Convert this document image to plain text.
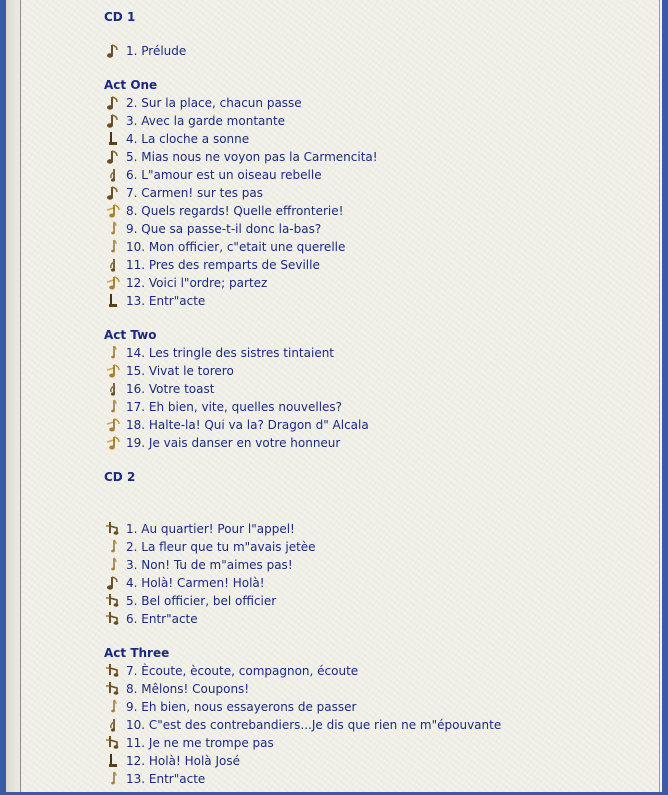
CD 1
1. Prélude
Act One
2. Sur la place, chacun passe
3. Avec la garde montante
4. La cloche a sonne
5. Mias nous ne voyon pas la Carmencita!
6. L"amour est un oiseau rebelle
7. Carmen! sur tes pas
8. Quels regards! Quelle effronterie!
9. Que sa passe-t-il donc la-bas?
10. Mon officier, c"etait une querelle
11. Pres des remparts de Seville
12. Voici l"ordre; partez
13. Entr"acte
Act Two
14. Les tringle des sistres tintaient
15. Vivat le torero
16. Votre toast
17. Eh bien, vite, quelles nouvelles?
18. Halte-la! Qui va la? Dragon d" Alcala
19. Je vais danser en votre honneur
CD 2
1. Au quartier! Pour l"appel!
2. La fleur que tu m"avais jetèe
3. Non! Tu de m"aimes pas!
4. Holà! Carmen! Holà!
5. Bel officier, bel officier
6. Entr"acte
Act Three
7. Ècoute, ècoute, compagnon, écoute
8. Mêlons! Coupons!
9. Eh bien, nous essayerons de passer
10. C"est des contrebandiers...Je dis que rien ne m"épouvante
11. Je ne me trompe pas
12. Holà! Holà José
13. Entr"acte
